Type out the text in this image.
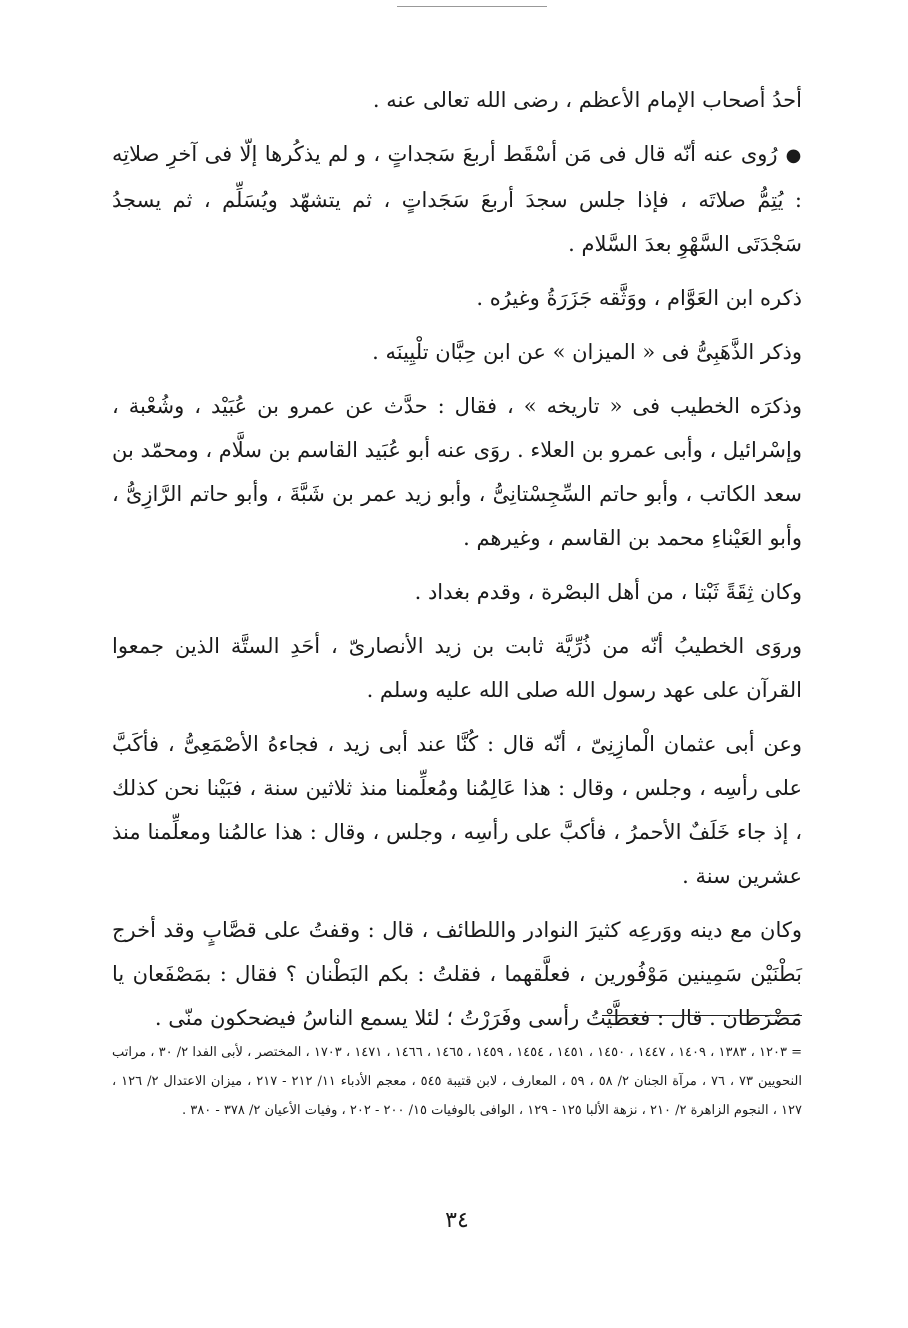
أحدُ أصحاب الإمام الأعظم ، رضى الله تعالى عنه .

●رُوى عنه أنّه قال فى مَن أسْقَط أربعَ سَجداتٍ ، و لم يذكُرها إلّا فى آخرِ صلاتِه : يُتِمُّ صلاتَه ، فإذا جلس سجدَ أربعَ سَجَداتٍ ، ثم يتشهّد ويُسَلِّم ، ثم يسجدُ سَجْدَتَى السَّهْوِ بعدَ السَّلام .

ذكره ابن العَوَّام ، ووَثَّقه جَزَرَةُ وغيرُه .

وذكر الذَّهَبِىُّ فى « الميزان » عن ابن حِبَّان تلْيِينَه .

وذكرَه الخطيب فى « تاريخه » ، فقال : حدَّث عن عمرو بن عُبَيْد ، وشُعْبة ، وإسْرائيل ، وأبى عمرو بن العلاء . روَى عنه أبو عُبَيد القاسم بن سلَّام ، ومحمّد بن سعد الكاتب ، وأبو حاتم السِّجِسْتانِىُّ ، وأبو زيد عمر بن شَبَّةَ ، وأبو حاتم الرَّازِىُّ ، وأبو العَيْناءِ محمد بن القاسم ، وغيرهم .

وكان ثِقَةً ثَبْتا ، من أهل البصْرة ، وقدم بغداد .

وروَى الخطيبُ أنّه من ذُرِّيَّة ثابت بن زيد الأنصارىّ ، أحَدِ الستَّة الذين جمعوا القرآن على عهد رسول الله صلى الله عليه وسلم .

وعن أبى عثمان الْمازِنِىّ ، أنّه قال : كُنَّا عند أبى زيد ، فجاءهُ الأصْمَعِىُّ ، فأكَبَّ على رأسِه ، وجلس ، وقال : هذا عَالِمُنا ومُعلِّمنا منذ ثلاثين سنة ، فبَيْنا نحن كذلك ، إذ جاء خَلَفٌ الأحمرُ ، فأكبَّ على رأسِه ، وجلس ، وقال : هذا عالمُنا ومعلِّمنا منذ عشرين سنة .

وكان مع دينه ووَرعِه كثيرَ النوادر واللطائف ، قال : وقفتُ على قصَّابٍ وقد أخرج بَطْنَيْن سَمِينين مَوْفُورين ، فعلَّقهما ، فقلتُ : بكم البَطْنان ؟ فقال : بمَصْفَعان يا مَضْرَطان . قال : فغطَّيْتُ رأسى وفَرَرْتُ ؛ لئلا يسمع الناسُ فيضحكون منّى .

= ١٢٠٣ ، ١٣٨٣ ، ١٤٠٩ ، ١٤٤٧ ، ١٤٥٠ ، ١٤٥١ ، ١٤٥٤ ، ١٤٥٩ ، ١٤٦٥ ، ١٤٦٦ ، ١٤٧١ ، ١٧٠٣ ، المختصر ، لأبى الفدا ٢/ ٣٠ ، مراتب النحويين ٧٣ ، ٧٦ ، مرآة الجنان ٢/ ٥٨ ، ٥٩ ، المعارف ، لابن قتيبة ٥٤٥ ، معجم الأدباء ١١/ ٢١٢ - ٢١٧ ، ميزان الاعتدال ٢/ ١٢٦ ، ١٢٧ ، النجوم الزاهرة ٢/ ٢١٠ ، نزهة الألبا ١٢٥ - ١٢٩ ، الوافى بالوفيات ١٥/ ٢٠٠ - ٢٠٢ ، وفيات الأعيان ٢/ ٣٧٨ - ٣٨٠ .
٣٤
